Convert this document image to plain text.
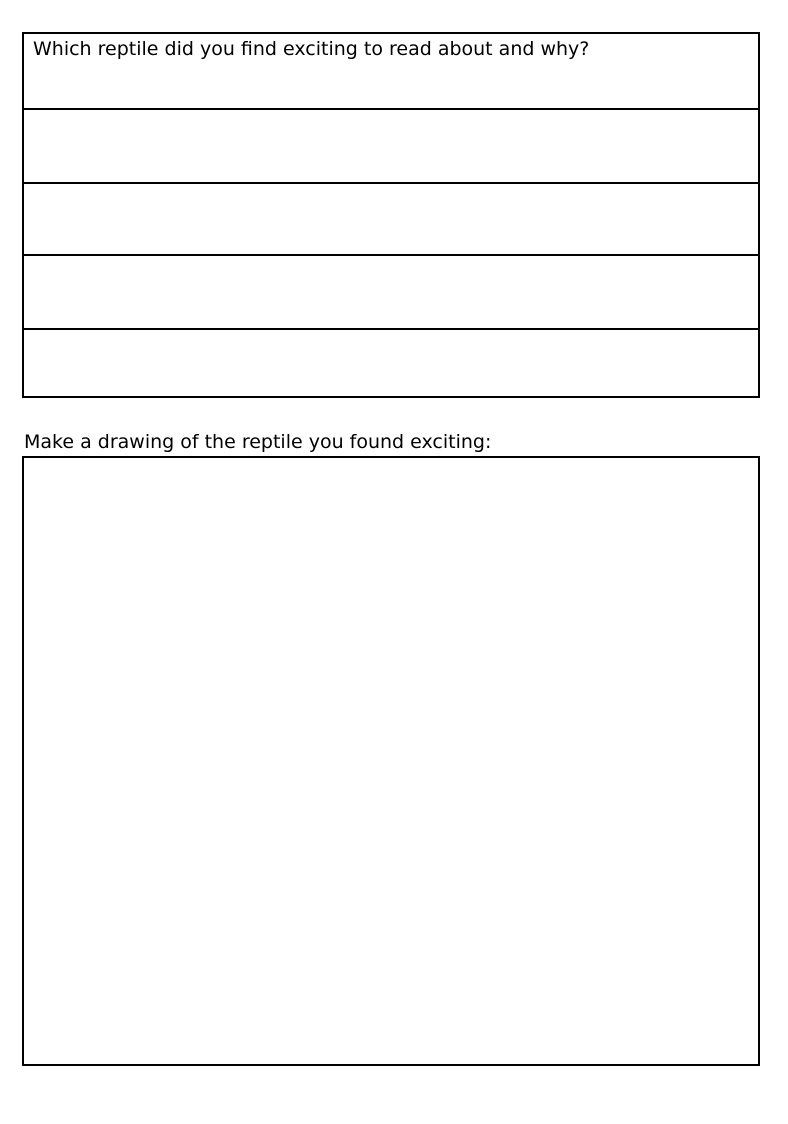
Which reptile did you find exciting to read about and why?
Make a drawing of the reptile you found exciting:
